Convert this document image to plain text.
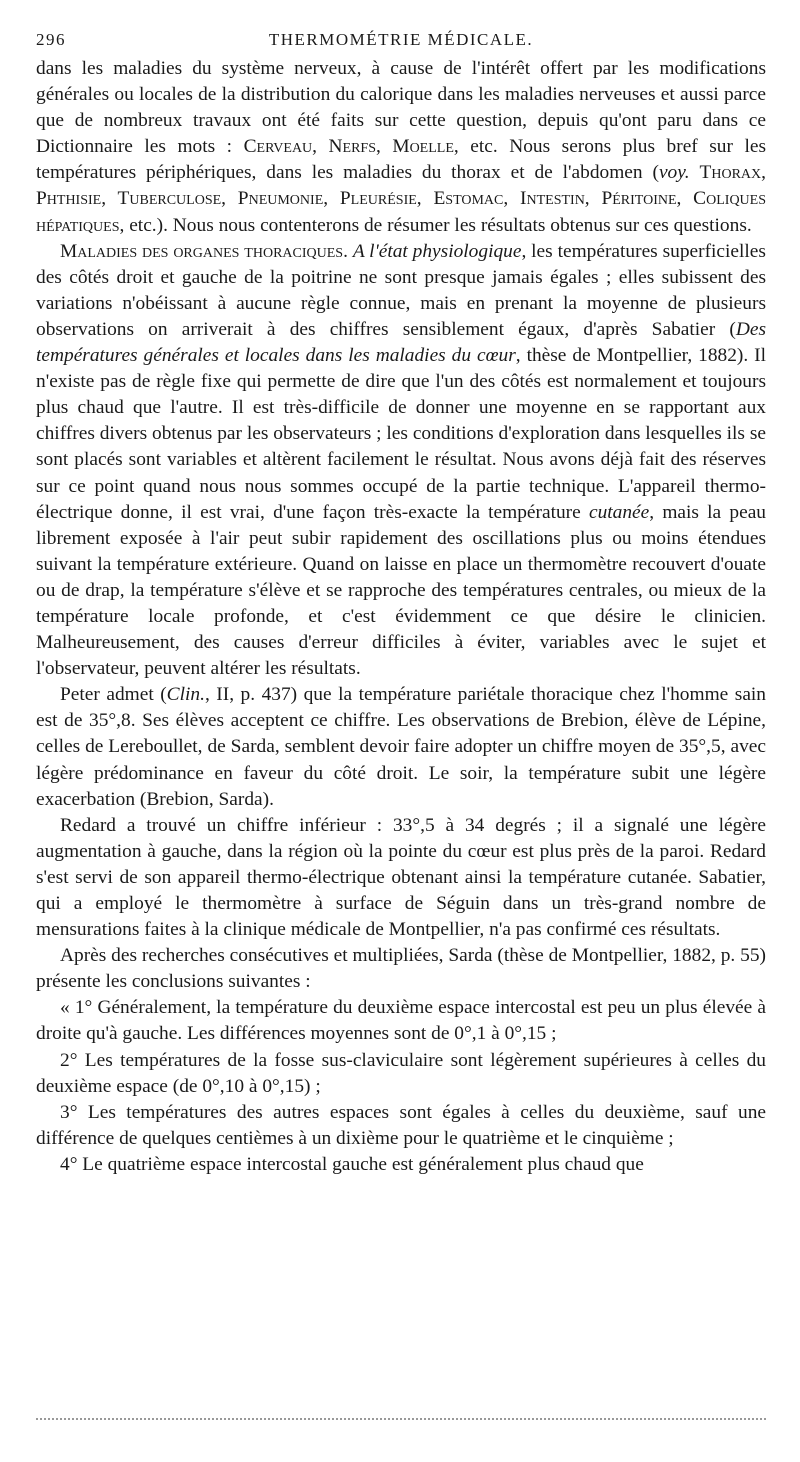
296	THERMOMÉTRIE MÉDICALE.

dans les maladies du système nerveux, à cause de l'intérêt offert par les modifications générales ou locales de la distribution du calorique dans les maladies nerveuses et aussi parce que de nombreux travaux ont été faits sur cette question, depuis qu'ont paru dans ce Dictionnaire les mots : Cerveau, Nerfs, Moelle, etc. Nous serons plus bref sur les températures périphériques, dans les maladies du thorax et de l'abdomen (voy. Thorax, Phthisie, Tuberculose, Pneumonie, Pleurésie, Estomac, Intestin, Péritoine, Coliques hépatiques, etc.). Nous nous contenterons de résumer les résultats obtenus sur ces questions.

Maladies des organes thoraciques. A l'état physiologique, les températures superficielles des côtés droit et gauche de la poitrine ne sont presque jamais égales ; elles subissent des variations n'obéissant à aucune règle connue, mais en prenant la moyenne de plusieurs observations on arriverait à des chiffres sensiblement égaux, d'après Sabatier (Des températures générales et locales dans les maladies du cœur, thèse de Montpellier, 1882). Il n'existe pas de règle fixe qui permette de dire que l'un des côtés est normalement et toujours plus chaud que l'autre. Il est très-difficile de donner une moyenne en se rapportant aux chiffres divers obtenus par les observateurs ; les conditions d'exploration dans lesquelles ils se sont placés sont variables et altèrent facilement le résultat. Nous avons déjà fait des réserves sur ce point quand nous nous sommes occupé de la partie technique. L'appareil thermo-électrique donne, il est vrai, d'une façon très-exacte la température cutanée, mais la peau librement exposée à l'air peut subir rapidement des oscillations plus ou moins étendues suivant la température extérieure. Quand on laisse en place un thermomètre recouvert d'ouate ou de drap, la température s'élève et se rapproche des températures centrales, ou mieux de la température locale profonde, et c'est évidemment ce que désire le clinicien. Malheureusement, des causes d'erreur difficiles à éviter, variables avec le sujet et l'observateur, peuvent altérer les résultats.

Peter admet (Clin., II, p. 437) que la température pariétale thoracique chez l'homme sain est de 35°,8. Ses élèves acceptent ce chiffre. Les observations de Brebion, élève de Lépine, celles de Lereboullet, de Sarda, semblent devoir faire adopter un chiffre moyen de 35°,5, avec légère prédominance en faveur du côté droit. Le soir, la température subit une légère exacerbation (Brebion, Sarda).

Redard a trouvé un chiffre inférieur : 33°,5 à 34 degrés ; il a signalé une légère augmentation à gauche, dans la région où la pointe du cœur est plus près de la paroi. Redard s'est servi de son appareil thermo-électrique obtenant ainsi la température cutanée. Sabatier, qui a employé le thermomètre à surface de Séguin dans un très-grand nombre de mensurations faites à la clinique médicale de Montpellier, n'a pas confirmé ces résultats.

Après des recherches consécutives et multipliées, Sarda (thèse de Montpellier, 1882, p. 55) présente les conclusions suivantes :

« 1° Généralement, la température du deuxième espace intercostal est peu un plus élevée à droite qu'à gauche. Les différences moyennes sont de 0°,1 à 0°,15 ;

2° Les températures de la fosse sus-claviculaire sont légèrement supérieures à celles du deuxième espace (de 0°,10 à 0°,15) ;

3° Les températures des autres espaces sont égales à celles du deuxième, sauf une différence de quelques centièmes à un dixième pour le quatrième et le cinquième ;

4° Le quatrième espace intercostal gauche est généralement plus chaud que
